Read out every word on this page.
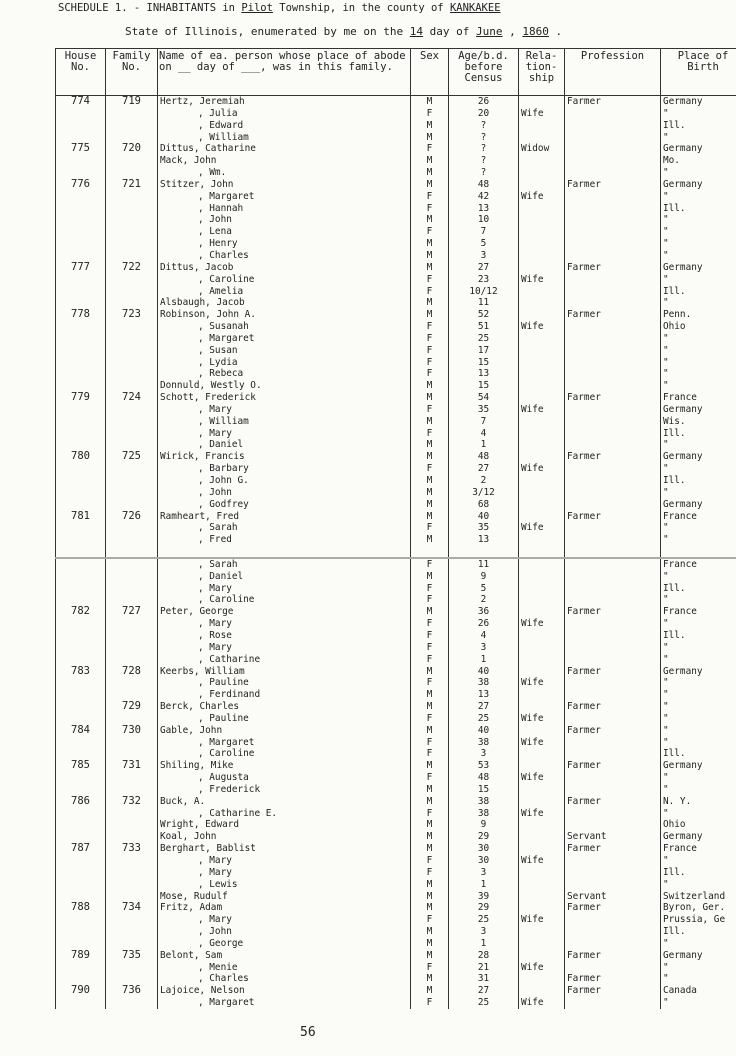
SCHEDULE 1. - INHABITANTS in Pilot Township, in the county of KANKAKEE
State of Illinois, enumerated by me on the 14 day of June , 1860 .
House No.	Family No.	Name of ea. person whose place of abode on __ day of ___, was in this family.	Sex	Age/b.d. before Census	Rela-tion-ship	Profession	Place of Birth
774	719	Hertz, Jeremiah	M	26		Farmer	Germany
		, Julia	F	20	Wife		"
		, Edward	M	?			Ill.
		, William	M	?			"
775	720	Dittus, Catharine	F	?	Widow		Germany
		Mack, John	M	?			Mo.
		, Wm.	M	?			"
776	721	Stitzer, John	M	48		Farmer	Germany
		, Margaret	F	42	Wife		"
		, Hannah	F	13			Ill.
		, John	M	10			"
		, Lena	F	7			"
		, Henry	M	5			"
		, Charles	M	3			"
777	722	Dittus, Jacob	M	27		Farmer	Germany
		, Caroline	F	23	Wife		"
		, Amelia	F	10/12			Ill.
		Alsbaugh, Jacob	M	11			"
778	723	Robinson, John A.	M	52		Farmer	Penn.
		, Susanah	F	51	Wife		Ohio
		, Margaret	F	25			"
		, Susan	F	17			"
		, Lydia	F	15			"
		, Rebeca	F	13			"
		Donnuld, Westly O.	M	15			"
779	724	Schott, Frederick	M	54		Farmer	France
		, Mary	F	35	Wife		Germany
		, William	M	7			Wis.
		, Mary	F	4			Ill.
		, Daniel	M	1			"
780	725	Wirick, Francis	M	48		Farmer	Germany
		, Barbary	F	27	Wife		"
		, John G.	M	2			Ill.
		, John	M	3/12			"
		, Godfrey	M	68			Germany
781	726	Ramheart, Fred	M	40		Farmer	France
		, Sarah	F	35	Wife		"
		, Fred	M	13			"

		, Sarah	F	11			France
		, Daniel	M	9			"
		, Mary	F	5			Ill.
		, Caroline	F	2			"
782	727	Peter, George	M	36		Farmer	France
		, Mary	F	26	Wife		"
		, Rose	F	4			Ill.
		, Mary	F	3			"
		, Catharine	F	1			"
783	728	Keerbs, William	M	40		Farmer	Germany
		, Pauline	F	38	Wife		"
		, Ferdinand	M	13			"
	729	Berck, Charles	M	27		Farmer	"
		, Pauline	F	25	Wife		"
784	730	Gable, John	M	40		Farmer	"
		, Margaret	F	38	Wife		"
		, Caroline	F	3			Ill.
785	731	Shiling, Mike	M	53		Farmer	Germany
		, Augusta	F	48	Wife		"
		, Frederick	M	15			"
786	732	Buck, A.	M	38		Farmer	N. Y.
		, Catharine E.	F	38	Wife		"
		Wright, Edward	M	9			Ohio
		Koal, John	M	29		Servant	Germany
787	733	Berghart, Bablist	M	30		Farmer	France
		, Mary	F	30	Wife		"
		, Mary	F	3			Ill.
		, Lewis	M	1			"
		Mose, Rudulf	M	39		Servant	Switzerland
788	734	Fritz, Adam	M	29		Farmer	Byron, Ger.
		, Mary	F	25	Wife		Prussia, Ge
		, John	M	3			Ill.
		, George	M	1			"
789	735	Belont, Sam	M	28		Farmer	Germany
		, Menie	F	21	Wife		"
		, Charles	M	31		Farmer	"
790	736	Lajoice, Nelson	M	27		Farmer	Canada
		, Margaret	F	25	Wife		"
56
